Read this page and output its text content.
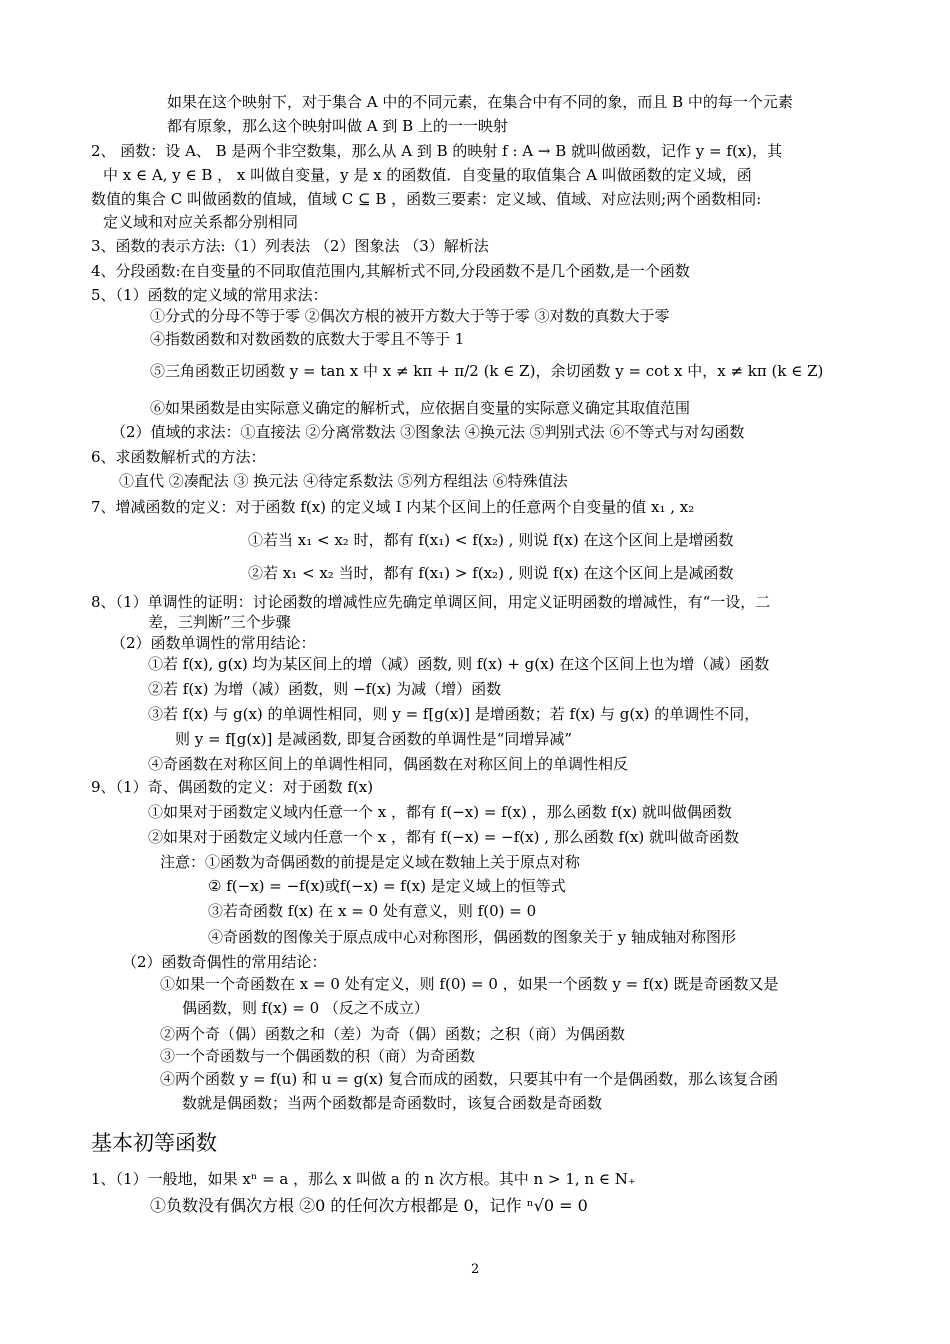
如果在这个映射下，对于集合 A 中的不同元素，在集合中有不同的象，而且 B 中的每一个元素
都有原象，那么这个映射叫做 A 到 B 上的一一映射
2、 函数：设 A、 B 是两个非空数集，那么从 A 到 B 的映射 f : A → B 就叫做函数，记作 y = f(x)，其
中 x ∈ A, y ∈ B ， x 叫做自变量，y 是 x 的函数值．自变量的取值集合 A 叫做函数的定义域，函
数值的集合 C 叫做函数的值域，值域 C ⊆ B ，函数三要素：定义域、值域、对应法则;两个函数相同:
定义域和对应关系都分别相同
3、函数的表示方法:（1）列表法 （2）图象法 （3）解析法
4、分段函数:在自变量的不同取值范围内,其解析式不同,分段函数不是几个函数,是一个函数
5、（1）函数的定义域的常用求法：
①分式的分母不等于零 ②偶次方根的被开方数大于等于零 ③对数的真数大于零
④指数函数和对数函数的底数大于零且不等于 1
⑤三角函数正切函数 y = tan x 中 x ≠ kπ + π/2 (k ∈ Z)，余切函数 y = cot x 中，x ≠ kπ (k ∈ Z)
⑥如果函数是由实际意义确定的解析式，应依据自变量的实际意义确定其取值范围
（2）值域的求法：①直接法 ②分离常数法 ③图象法 ④换元法 ⑤判别式法 ⑥不等式与对勾函数
6、求函数解析式的方法：
①直代 ②凑配法 ③ 换元法 ④待定系数法 ⑤列方程组法 ⑥特殊值法
7、增减函数的定义：对于函数 f(x) 的定义域 I 内某个区间上的任意两个自变量的值 x₁ , x₂
①若当 x₁ < x₂ 时，都有 f(x₁) < f(x₂) , 则说 f(x) 在这个区间上是增函数
②若 x₁ < x₂ 当时，都有 f(x₁) > f(x₂) , 则说 f(x) 在这个区间上是减函数
8、（1）单调性的证明：讨论函数的增减性应先确定单调区间，用定义证明函数的增减性，有“一设，二
差，三判断”三个步骤
（2）函数单调性的常用结论：
①若 f(x), g(x) 均为某区间上的增（减）函数, 则 f(x) + g(x) 在这个区间上也为增（减）函数
②若 f(x) 为增（减）函数，则 −f(x) 为减（增）函数
③若 f(x) 与 g(x) 的单调性相同，则 y = f[g(x)] 是增函数；若 f(x) 与 g(x) 的单调性不同，
则 y = f[g(x)] 是减函数, 即复合函数的单调性是“同增异减”
④奇函数在对称区间上的单调性相同，偶函数在对称区间上的单调性相反
9、（1）奇、偶函数的定义：对于函数 f(x)
①如果对于函数定义域内任意一个 x ，都有 f(−x) = f(x) ，那么函数 f(x) 就叫做偶函数
②如果对于函数定义域内任意一个 x ，都有 f(−x) = −f(x) , 那么函数 f(x) 就叫做奇函数
注意：①函数为奇偶函数的前提是定义域在数轴上关于原点对称
② f(−x) = −f(x)或f(−x) = f(x) 是定义域上的恒等式
③若奇函数 f(x) 在 x = 0 处有意义，则 f(0) = 0
④奇函数的图像关于原点成中心对称图形，偶函数的图象关于 y 轴成轴对称图形
（2）函数奇偶性的常用结论：
①如果一个奇函数在 x = 0 处有定义，则 f(0) = 0 ，如果一个函数 y = f(x) 既是奇函数又是
偶函数，则 f(x) = 0 （反之不成立）
②两个奇（偶）函数之和（差）为奇（偶）函数；之积（商）为偶函数
③一个奇函数与一个偶函数的积（商）为奇函数
④两个函数 y = f(u) 和 u = g(x) 复合而成的函数，只要其中有一个是偶函数，那么该复合函
数就是偶函数；当两个函数都是奇函数时，该复合函数是奇函数
基本初等函数
1、（1）一般地，如果 xⁿ = a ，那么 x 叫做 a 的 n 次方根。其中 n > 1, n ∈ N₊
①负数没有偶次方根 ②0 的任何次方根都是 0，记作 ⁿ√0 = 0
2
